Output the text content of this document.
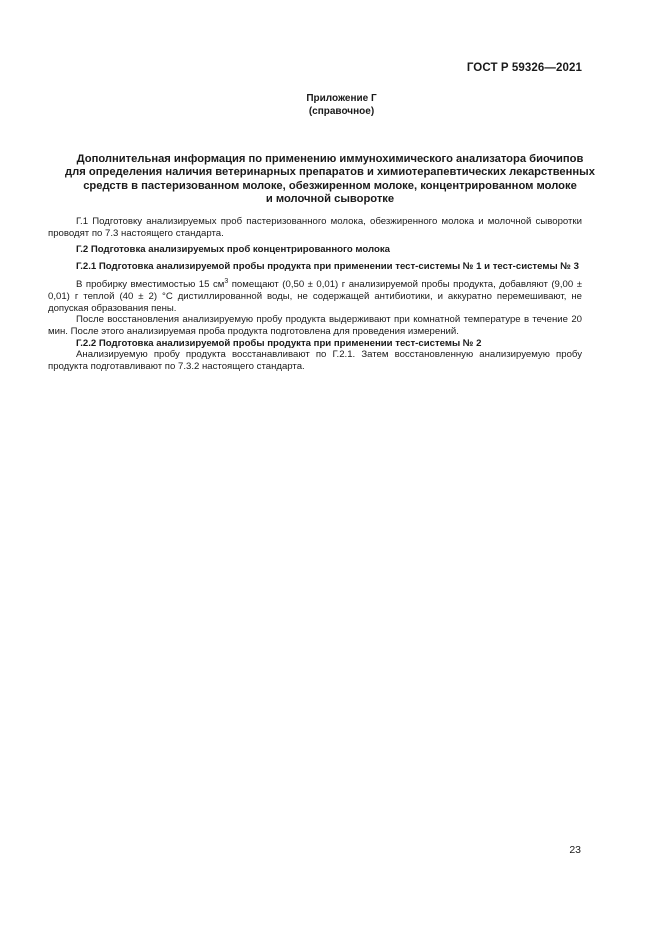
ГОСТ Р 59326—2021
Приложение Г
(справочное)
Дополнительная информация по применению иммунохимического анализатора биочипов
для определения наличия ветеринарных препаратов и химиотерапевтических лекарственных
средств в пастеризованном молоке, обезжиренном молоке, концентрированном молоке
и молочной сыворотке

Г.1 Подготовку анализируемых проб пастеризованного молока, обезжиренного молока и молочной сыворотки проводят по 7.3 настоящего стандарта.

Г.2 Подготовка анализируемых проб концентрированного молока

Г.2.1 Подготовка анализируемой пробы продукта при применении тест-системы № 1 и тест-системы № 3

В пробирку вместимостью 15 $см^3$ помещают (0,50 ± 0,01) г анализируемой пробы продукта, добавляют (9,00 ± 0,01) г теплой (40 ± 2) °С дистиллированной воды, не содержащей антибиотики, и аккуратно перемешивают, не допуская образования пены.

После восстановления анализируемую пробу продукта выдерживают при комнатной температуре в течение 20 мин. После этого анализируемая проба продукта подготовлена для проведения измерений.

Г.2.2 Подготовка анализируемой пробы продукта при применении тест-системы № 2

Анализируемую пробу продукта восстанавливают по Г.2.1. Затем восстановленную анализируемую пробу продукта подготавливают по 7.3.2 настоящего стандарта.

23
